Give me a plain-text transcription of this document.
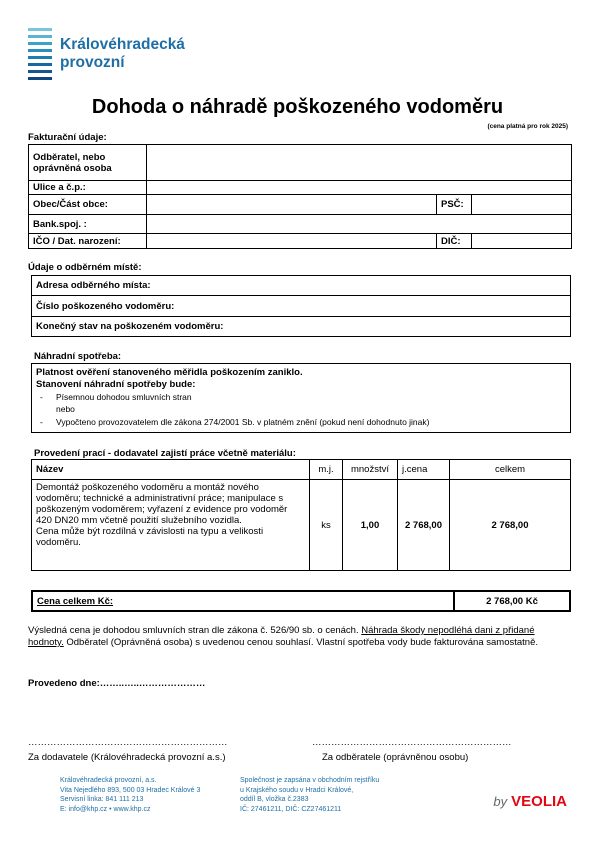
Královéhradecká
provozní
Dohoda o náhradě poškozeného vodoměru
(cena platná pro rok 2025)
Fakturační údaje:
Odběratel, nebo oprávněná osoba			
Ulice a č.p.:			
Obec/Část obce:		PSČ:	
Bank.spoj. :			
IČO / Dat. narození:		DIČ:	
Údaje o odběrném místě:
Adresa odběrného místa:
Číslo poškozeného vodoměru:
Konečný stav na poškozeném vodoměru:
Náhradní spotřeba:
Platnost ověření stanoveného měřidla poškozením zaniklo.
Stanovení náhradní spotřeby bude:
- Písemnou dohodou smluvních stran
nebo
- Vypočteno provozovatelem dle zákona 274/2001 Sb. v platném znění (pokud není dohodnuto jinak)
Provedení prací - dodavatel zajistí práce včetně materiálu:
Název	m.j.	množství	j.cena	celkem
Demontáž poškozeného vodoměru a montáž nového vodoměru; technické a administrativní práce; manipulace s poškozeným vodoměrem; vyřazení z evidence pro vodoměr 420 DN20 mm včetně použití služebního vozidla.
Cena může být rozdílná v závislosti na typu a velikosti vodoměru.	ks	1,00	2 768,00	2 768,00
Cena celkem Kč:	2 768,00 Kč
Výsledná cena je dohodou smluvních stran dle zákona č. 526/90 sb. o cenách. Náhrada škody nepodléhá dani z přidané hodnoty. Odběratel (Oprávněná osoba) s uvedenou cenou souhlasí. Vlastní spotřeba vody bude fakturována samostatně.
Provedeno dne:……..…..…………………
………………………………………………………	………………………………………………………
Za dodavatele (Královéhradecká provozní a.s.)	Za odběratele (oprávněnou osobu)
Královéhradecká provozní, a.s.
Vita Nejedlého 893, 500 03 Hradec Králové 3
Servisní linka: 841 111 213
E: info@khp.cz • www.khp.cz
Společnost je zapsána v obchodním rejstříku
u Krajského soudu v Hradci Králové,
oddíl B, vložka č.2383
IČ: 27461211, DIČ: CZ27461211	by VEOLIA
